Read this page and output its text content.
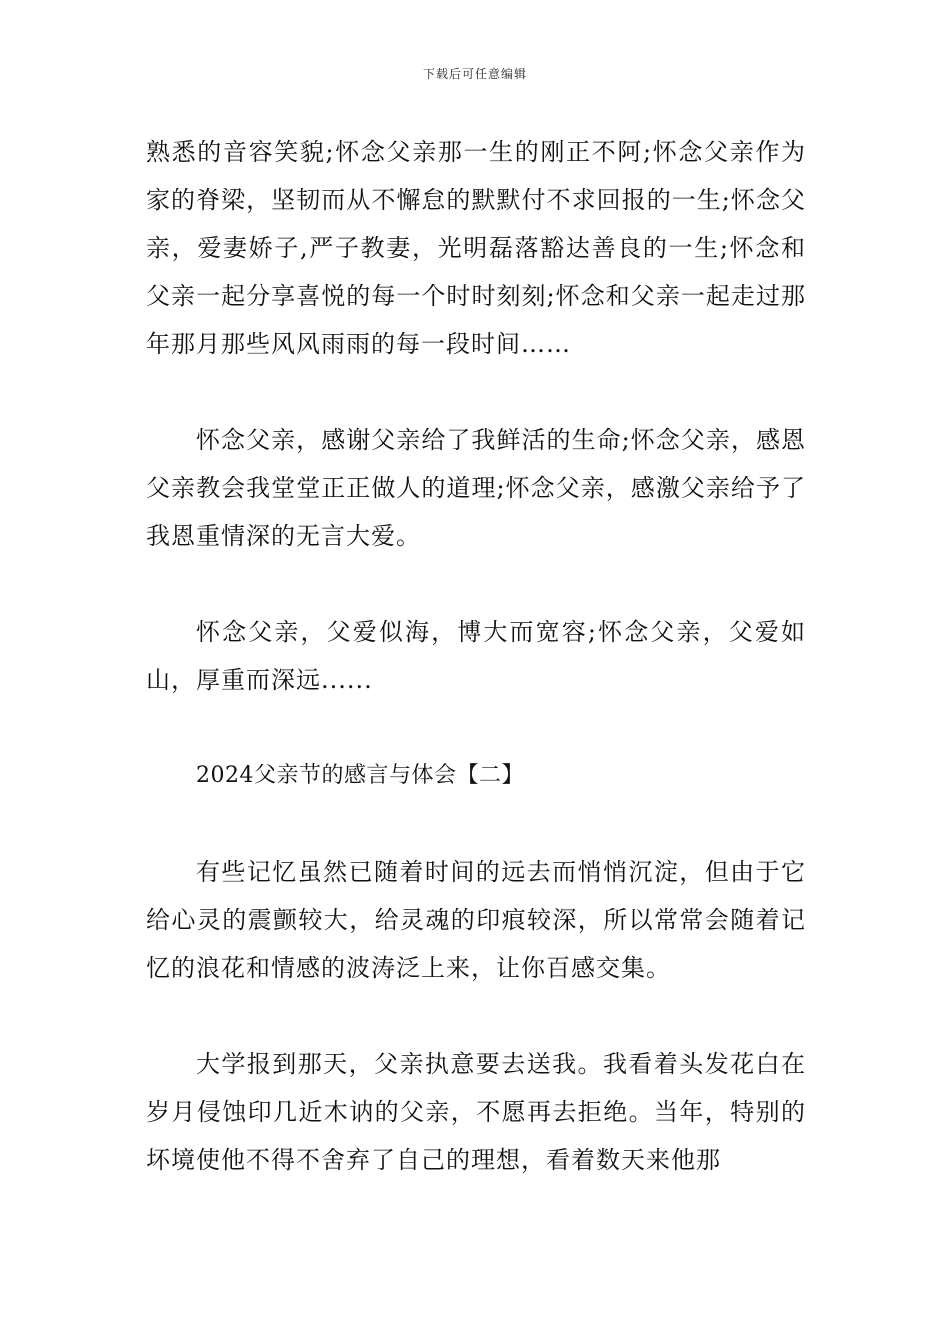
下载后可任意编辑

熟悉的音容笑貌;怀念父亲那一生的刚正不阿;怀念父亲作为家的脊梁，坚韧而从不懈怠的默默付不求回报的一生;怀念父亲，爱妻娇子,严子教妻，光明磊落豁达善良的一生;怀念和父亲一起分享喜悦的每一个时时刻刻;怀念和父亲一起走过那年那月那些风风雨雨的每一段时间……

怀念父亲，感谢父亲给了我鲜活的生命;怀念父亲，感恩父亲教会我堂堂正正做人的道理;怀念父亲，感激父亲给予了我恩重情深的无言大爱。

怀念父亲，父爱似海，博大而宽容;怀念父亲，父爱如山，厚重而深远......

2024父亲节的感言与体会【二】

有些记忆虽然已随着时间的远去而悄悄沉淀，但由于它给心灵的震颤较大，给灵魂的印痕较深，所以常常会随着记忆的浪花和情感的波涛泛上来，让你百感交集。

大学报到那天，父亲执意要去送我。我看着头发花白在岁月侵蚀印几近木讷的父亲，不愿再去拒绝。当年，特别的坏境使他不得不舍弃了自己的理想，看着数天来他那
